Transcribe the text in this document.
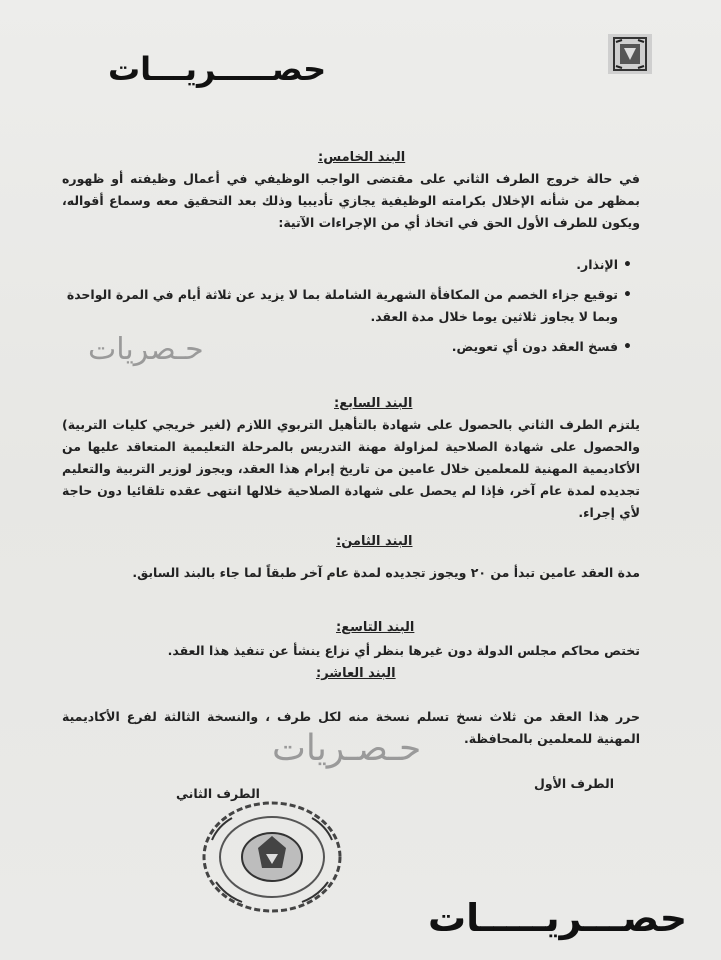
حصـــــريـــات
البند الخامس:
في حالة خروج الطرف الثاني على مقتضى الواجب الوظيفي في أعمال وظيفته أو ظهوره بمظهر من شأنه الإخلال بكرامته الوظيفية يجازي تأديبيا وذلك بعد التحقيق معه وسماع أقواله، ويكون للطرف الأول الحق في اتخاذ أي من الإجراءات الآتية:
• الإنذار.
• توقيع جزاء الخصم من المكافأة الشهرية الشاملة بما لا يزيد عن ثلاثة أيام في المرة الواحدة وبما لا يجاوز ثلاثين يوما خلال مدة العقد.
• فسخ العقد دون أي تعويض.
حـصريات
البند السابع:
يلتزم الطرف الثاني بالحصول على شهادة بالتأهيل التربوي اللازم (لغير خريجي كليات التربية) والحصول على شهادة الصلاحية لمزاولة مهنة التدريس بالمرحلة التعليمية المتعاقد عليها من الأكاديمية المهنية للمعلمين خلال عامين من تاريخ إبرام هذا العقد، ويجوز لوزير التربية والتعليم تجديده لمدة عام آخر، فإذا لم يحصل على شهادة الصلاحية خلالها انتهى عقده تلقائيا دون حاجة لأي إجراء.
البند الثامن:
مدة العقد عامين تبدأ من ٢٠ ويجوز تجديده لمدة عام آخر طبقاً لما جاء بالبند السابق.
البند التاسع:
تختص محاكم مجلس الدولة دون غيرها بنظر أي نزاع ينشأ عن تنفيذ هذا العقد.
البند العاشر:
حرر هذا العقد من ثلاث نسخ تسلم نسخة منه لكل طرف ، والنسخة الثالثة لفرع الأكاديمية المهنية للمعلمين بالمحافظة.
حـصـريات
الطرف الأول
الطرف الثاني
حصـــريـــــات
